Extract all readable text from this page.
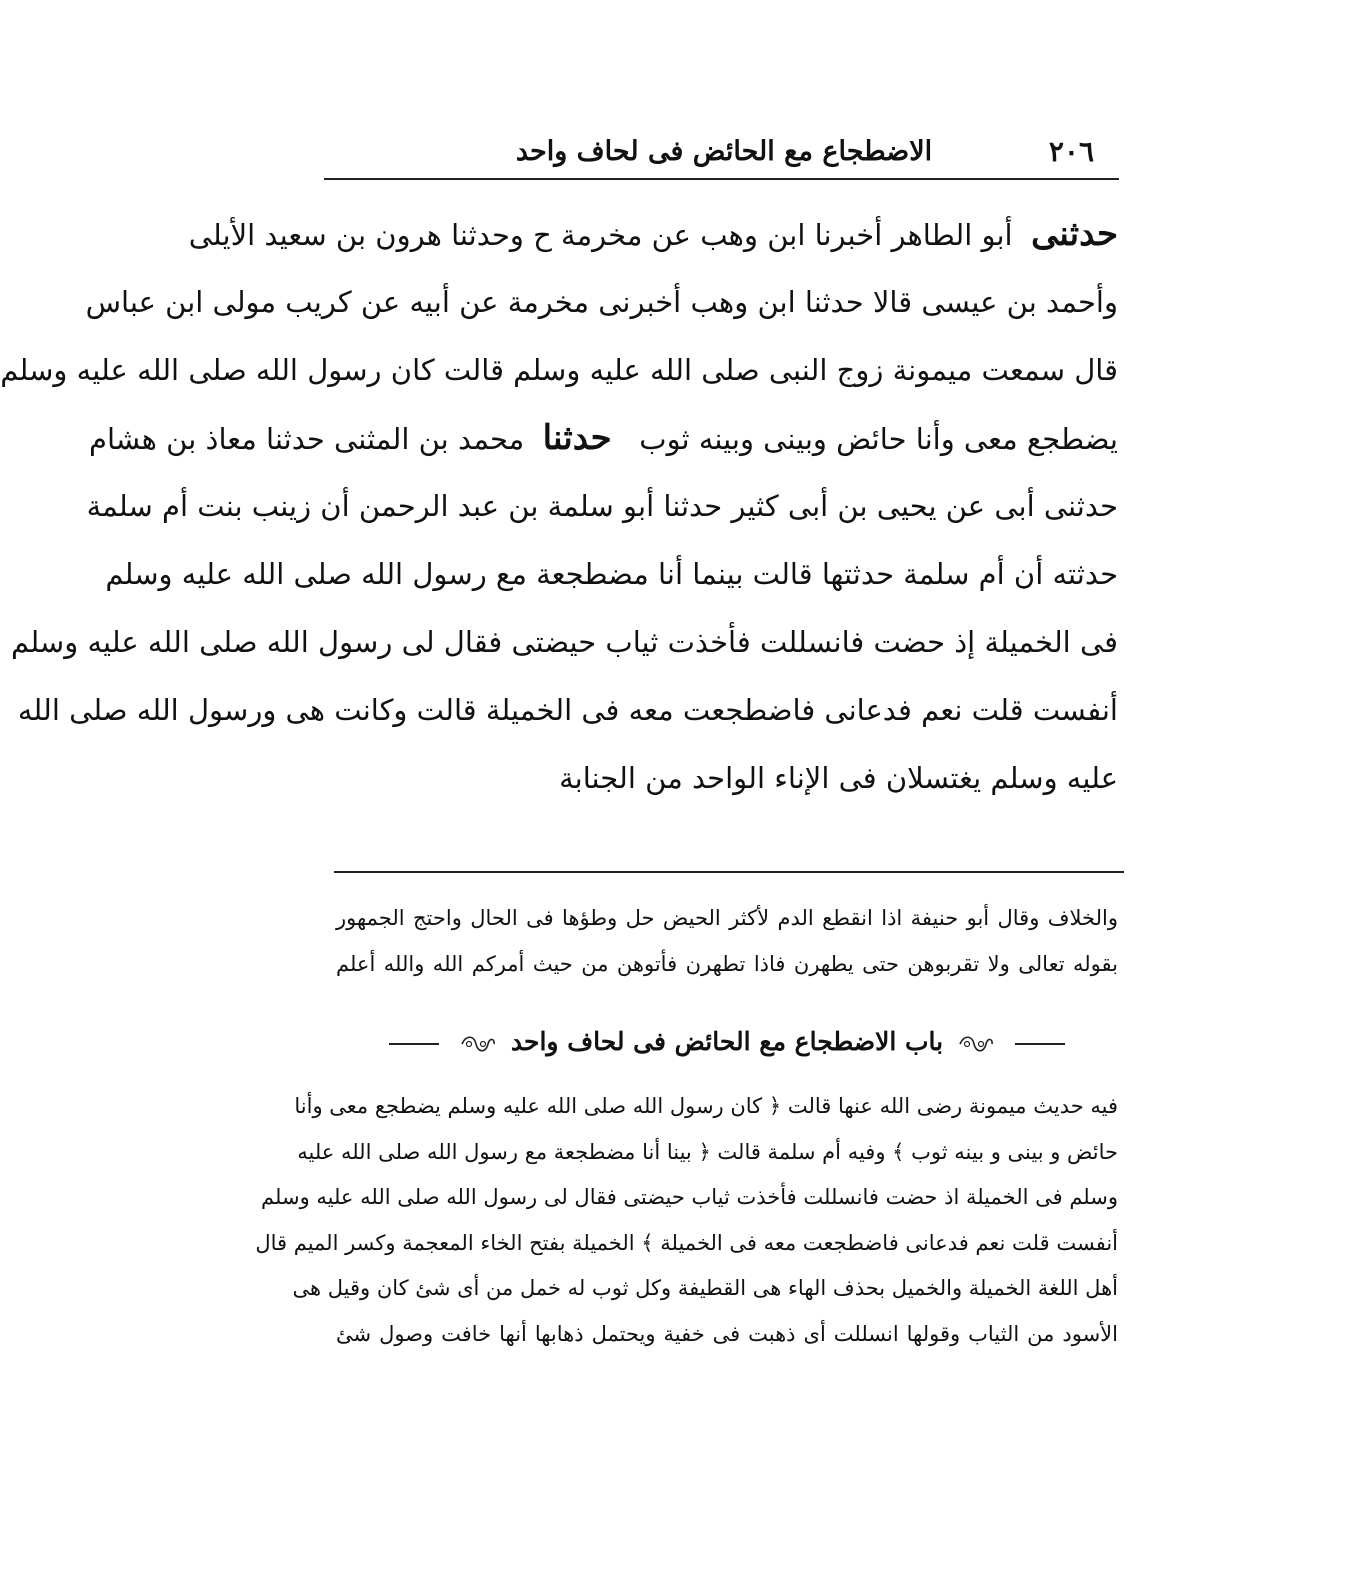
٢٠٦
الاضطجاع مع الحائض فى لحاف واحد
حدثنى  أبو الطاهر أخبرنا ابن وهب عن مخرمة ح وحدثنا هرون بن سعيد الأيلى
وأحمد بن عيسى قالا حدثنا ابن وهب أخبرنى مخرمة عن أبيه عن كريب مولى ابن عباس
قال سمعت ميمونة زوج النبى صلى الله عليه وسلم قالت كان رسول الله صلى الله عليه وسلم
يضطجع معى وأنا حائض وبينى وبينه ثوب   حدثنا  محمد بن المثنى حدثنا معاذ بن هشام
حدثنى أبى عن يحيى بن أبى كثير حدثنا أبو سلمة بن عبد الرحمن أن زينب بنت أم سلمة
حدثته أن أم سلمة حدثتها قالت بينما أنا مضطجعة مع رسول الله صلى الله عليه وسلم
فى الخميلة إذ حضت فانسللت فأخذت ثياب حيضتى فقال لى رسول الله صلى الله عليه وسلم
أنفست قلت نعم فدعانى فاضطجعت معه فى الخميلة قالت وكانت هى ورسول الله صلى الله
عليه وسلم يغتسلان فى الإناء الواحد من الجنابة
والخلاف وقال أبو حنيفة اذا انقطع الدم لأكثر الحيض حل وطؤها فى الحال واحتج الجمهور
بقوله تعالى ولا تقربوهن حتى يطهرن فاذا تطهرن فأتوهن من حيث أمركم الله والله أعلم
باب الاضطجاع مع الحائض فى لحاف واحد
فيه حديث ميمونة رضى الله عنها قالت ﴿ كان رسول الله صلى الله عليه وسلم يضطجع معى وأنا
حائض و بينى و بينه ثوب ﴾ وفيه أم سلمة قالت ﴿ بينا أنا مضطجعة مع رسول الله صلى الله عليه
وسلم فى الخميلة اذ حضت فانسللت فأخذت ثياب حيضتى فقال لى رسول الله صلى الله عليه وسلم
أنفست قلت نعم فدعانى فاضطجعت معه فى الخميلة ﴾ الخميلة بفتح الخاء المعجمة وكسر الميم قال
أهل اللغة الخميلة والخميل بحذف الهاء هى القطيفة وكل ثوب له خمل من أى شئ كان وقيل هى
الأسود من الثياب وقولها انسللت أى ذهبت فى خفية ويحتمل ذهابها أنها خافت وصول شئ
